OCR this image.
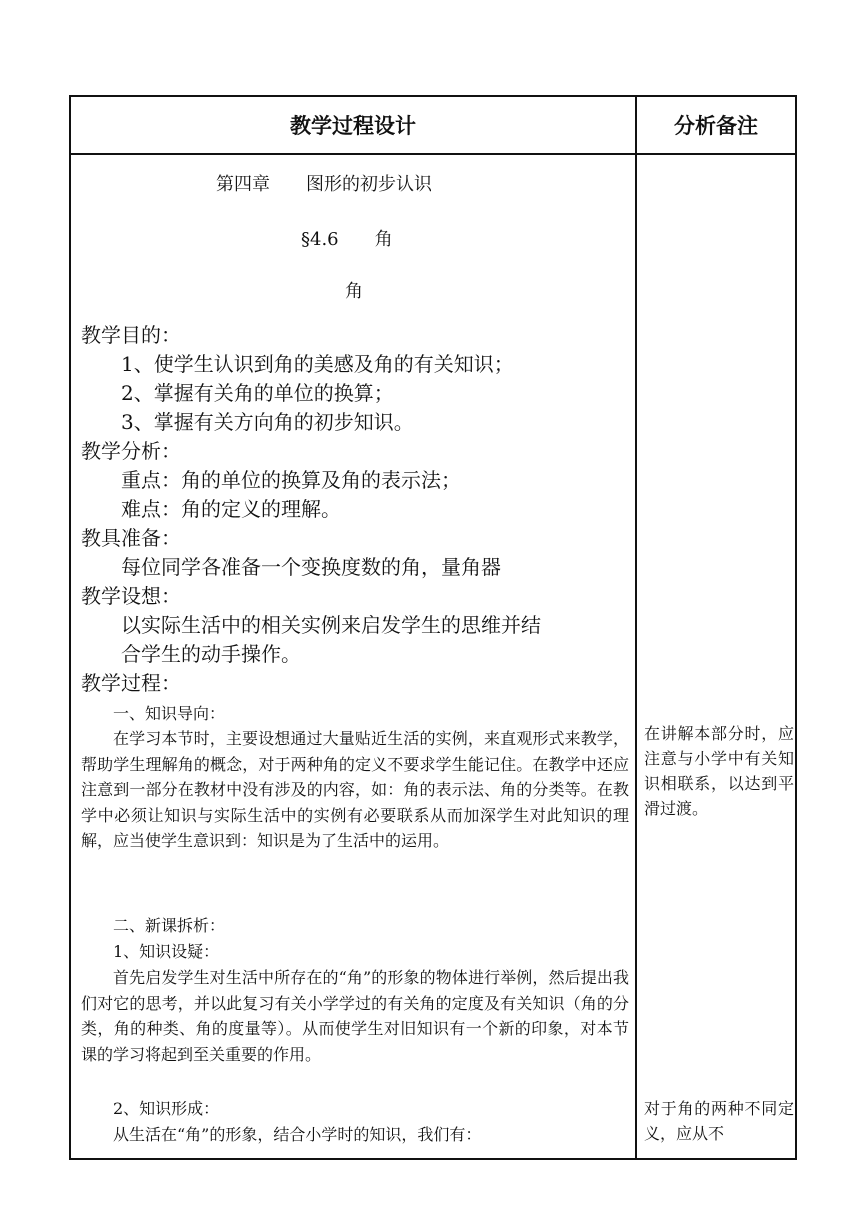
教学过程设计	分析备注
第四章　　图形的初步认识
§4.6　　角
角
教学目的：
1、使学生认识到角的美感及角的有关知识；
2、掌握有关角的单位的换算；
3、掌握有关方向角的初步知识。
教学分析：
重点：角的单位的换算及角的表示法；
难点：角的定义的理解。
教具准备：
每位同学各准备一个变换度数的角，量角器
教学设想：
以实际生活中的相关实例来启发学生的思维并结
合学生的动手操作。
教学过程：
一、知识导向：
在学习本节时，主要设想通过大量贴近生活的实例，来直观形式来教学，帮助学生理解角的概念，对于两种角的定义不要求学生能记住。在教学中还应注意到一部分在教材中没有涉及的内容，如：角的表示法、角的分类等。在教学中必须让知识与实际生活中的实例有必要联系从而加深学生对此知识的理解，应当使学生意识到：知识是为了生活中的运用。
二、新课拆析：
1、知识设疑：
首先启发学生对生活中所存在的“角”的形象的物体进行举例，然后提出我们对它的思考，并以此复习有关小学学过的有关角的定度及有关知识（角的分类，角的种类、角的度量等）。从而使学生对旧知识有一个新的印象，对本节课的学习将起到至关重要的作用。
2、知识形成：
从生活在“角”的形象，结合小学时的知识，我们有：
在讲解本部分时，应注意与小学中有关知识相联系，以达到平滑过渡。
对于角的两种不同定义，应从不
